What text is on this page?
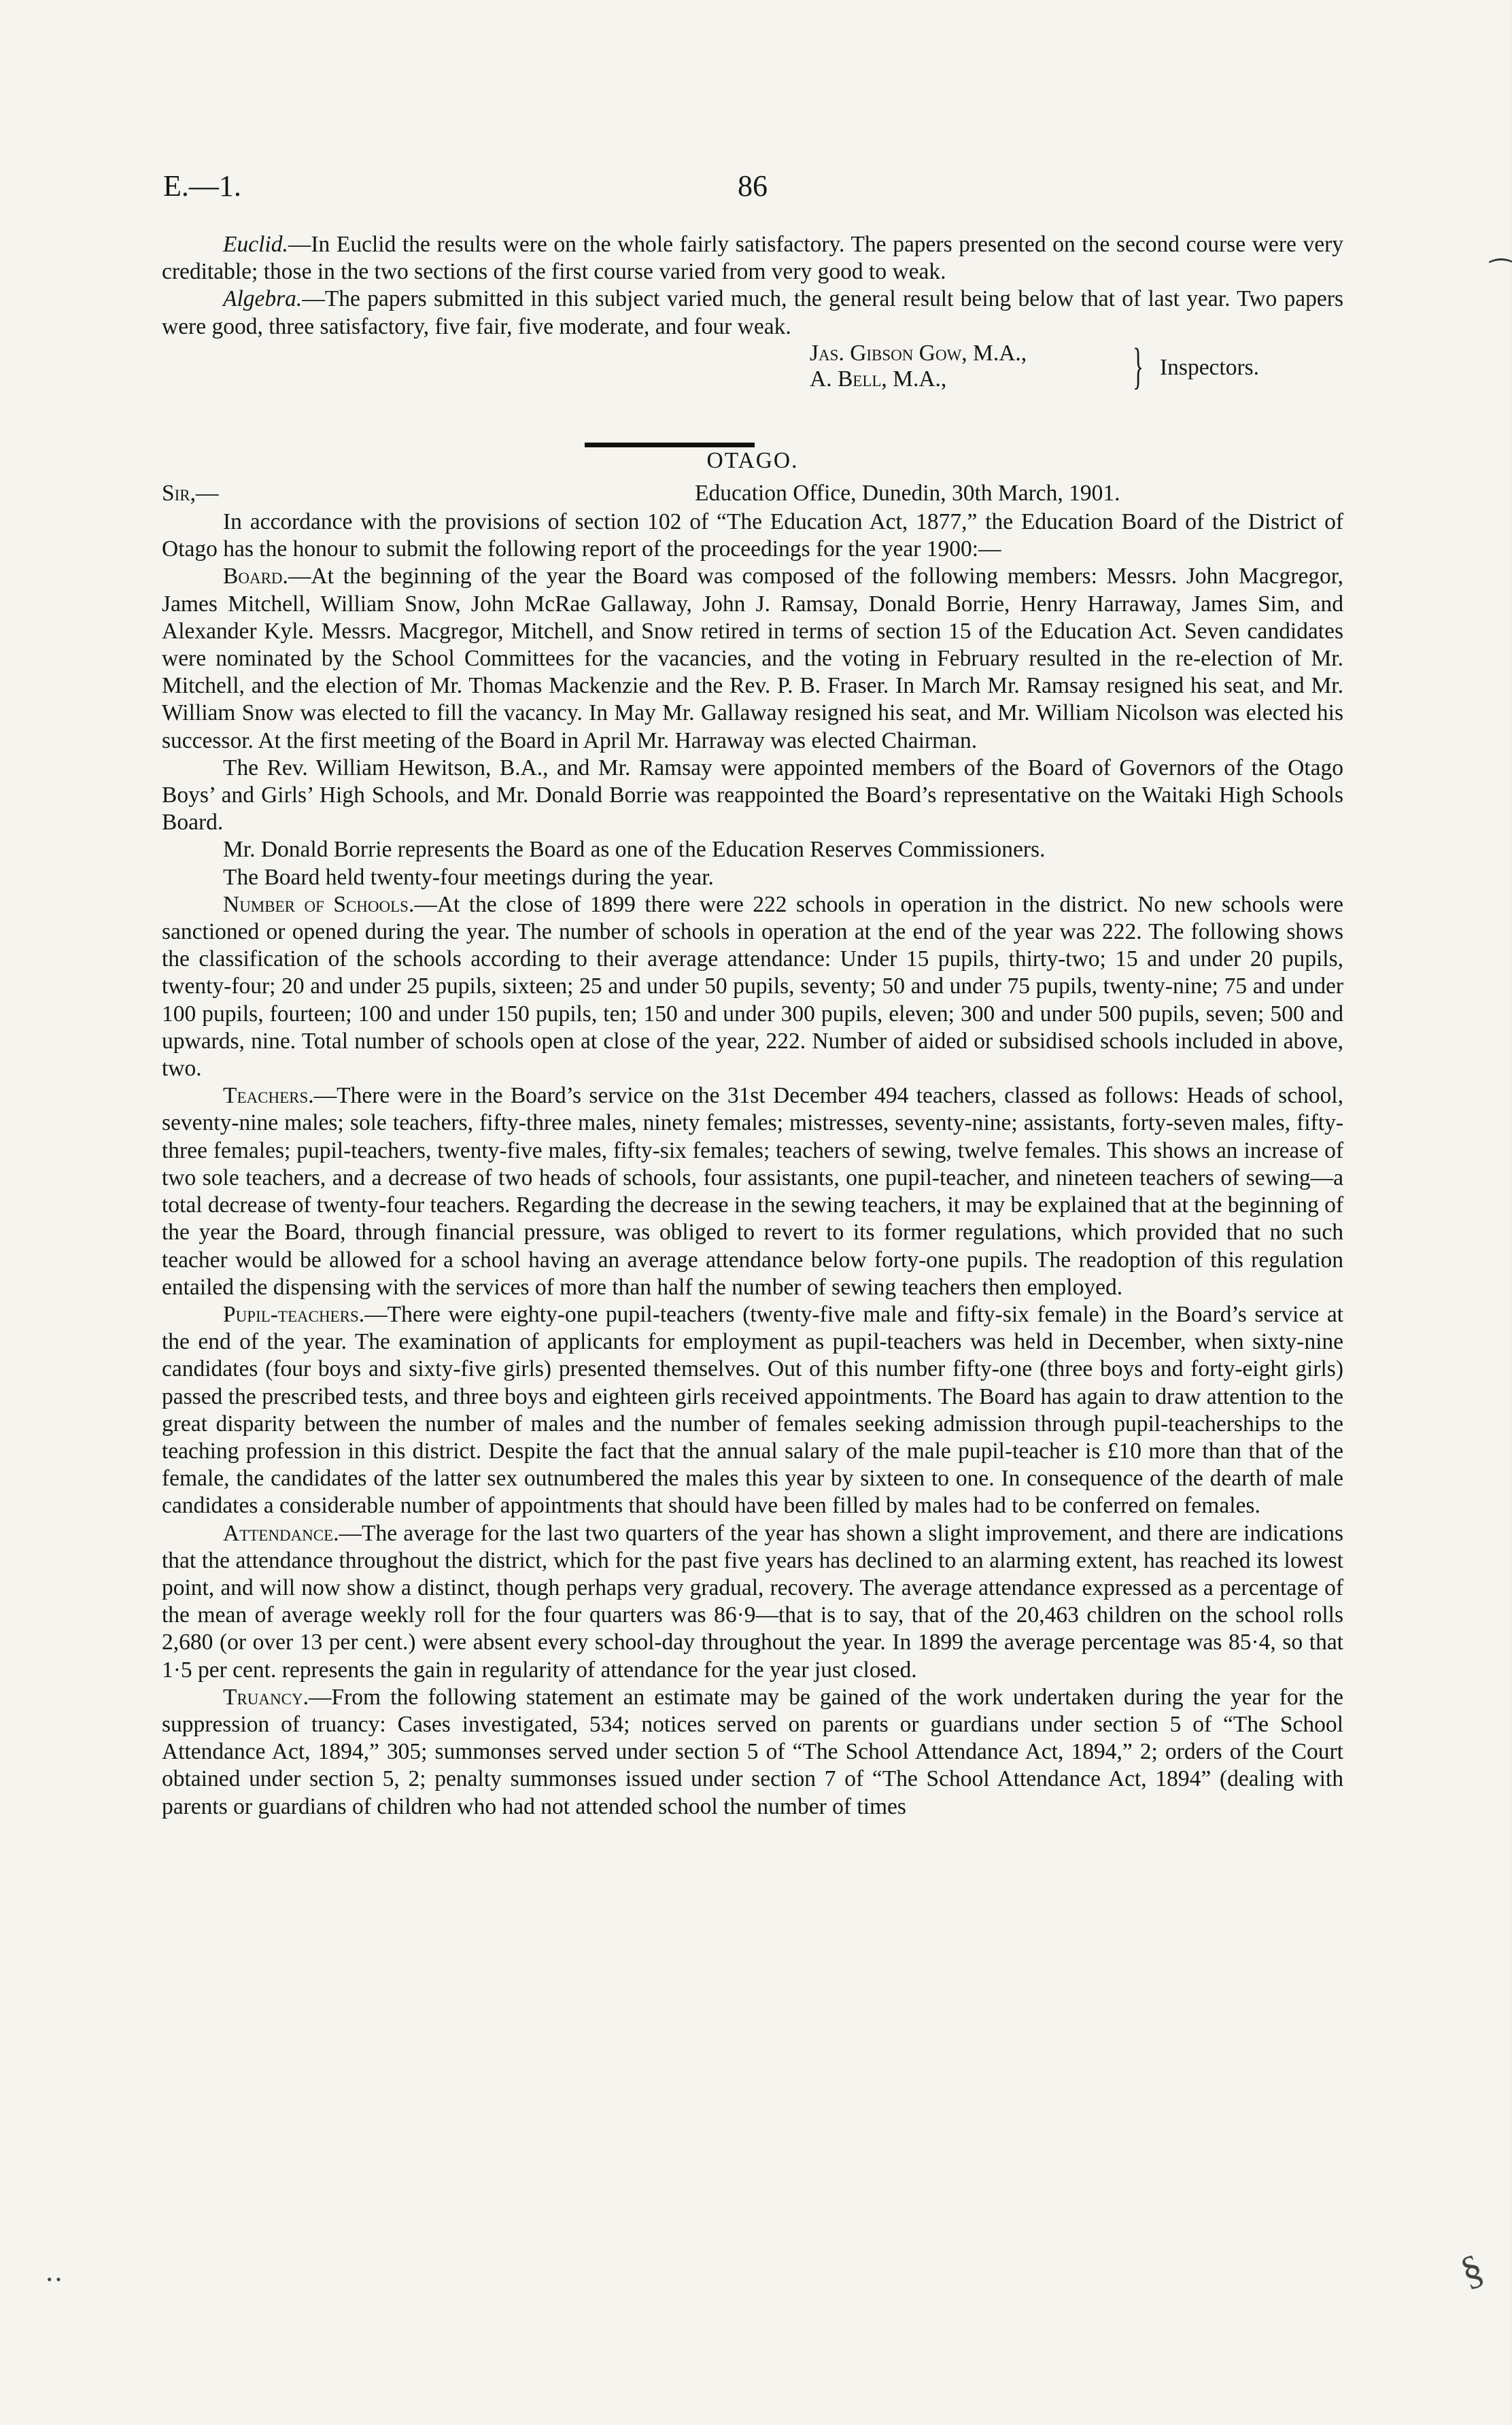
E.—1.	86
⁀
§
‥

Euclid.—In Euclid the results were on the whole fairly satisfactory. The papers presented on the second course were very creditable; those in the two sections of the first course varied from very good to weak.

Algebra.—The papers submitted in this subject varied much, the general result being below that of last year. Two papers were good, three satisfactory, five fair, five moderate, and four weak.

Jas. Gibson Gow, M.A.,
A. Bell, M.A.,	} Inspectors.

OTAGO.

Sir,—	Education Office, Dunedin, 30th March, 1901.

In accordance with the provisions of section 102 of “The Education Act, 1877,” the Education Board of the District of Otago has the honour to submit the following report of the proceedings for the year 1900:—

Board.—At the beginning of the year the Board was composed of the following members: Messrs. John Macgregor, James Mitchell, William Snow, John McRae Gallaway, John J. Ramsay, Donald Borrie, Henry Harraway, James Sim, and Alexander Kyle. Messrs. Macgregor, Mitchell, and Snow retired in terms of section 15 of the Education Act. Seven candidates were nominated by the School Committees for the vacancies, and the voting in February resulted in the re-election of Mr. Mitchell, and the election of Mr. Thomas Mackenzie and the Rev. P. B. Fraser. In March Mr. Ramsay resigned his seat, and Mr. William Snow was elected to fill the vacancy. In May Mr. Gallaway resigned his seat, and Mr. William Nicolson was elected his successor. At the first meeting of the Board in April Mr. Harraway was elected Chairman.

The Rev. William Hewitson, B.A., and Mr. Ramsay were appointed members of the Board of Governors of the Otago Boys’ and Girls’ High Schools, and Mr. Donald Borrie was reappointed the Board’s representative on the Waitaki High Schools Board.

Mr. Donald Borrie represents the Board as one of the Education Reserves Commissioners.

The Board held twenty-four meetings during the year.

Number of Schools.—At the close of 1899 there were 222 schools in operation in the district. No new schools were sanctioned or opened during the year. The number of schools in operation at the end of the year was 222. The following shows the classification of the schools according to their average attendance: Under 15 pupils, thirty-two; 15 and under 20 pupils, twenty-four; 20 and under 25 pupils, sixteen; 25 and under 50 pupils, seventy; 50 and under 75 pupils, twenty-nine; 75 and under 100 pupils, fourteen; 100 and under 150 pupils, ten; 150 and under 300 pupils, eleven; 300 and under 500 pupils, seven; 500 and upwards, nine. Total number of schools open at close of the year, 222. Number of aided or subsidised schools included in above, two.

Teachers.—There were in the Board’s service on the 31st December 494 teachers, classed as follows: Heads of school, seventy-nine males; sole teachers, fifty-three males, ninety females; mistresses, seventy-nine; assistants, forty-seven males, fifty-three females; pupil-teachers, twenty-five males, fifty-six females; teachers of sewing, twelve females. This shows an increase of two sole teachers, and a decrease of two heads of schools, four assistants, one pupil-teacher, and nineteen teachers of sewing—a total decrease of twenty-four teachers. Regarding the decrease in the sewing teachers, it may be explained that at the beginning of the year the Board, through financial pressure, was obliged to revert to its former regulations, which provided that no such teacher would be allowed for a school having an average attendance below forty-one pupils. The readoption of this regulation entailed the dispensing with the services of more than half the number of sewing teachers then employed.

Pupil-teachers.—There were eighty-one pupil-teachers (twenty-five male and fifty-six female) in the Board’s service at the end of the year. The examination of applicants for employment as pupil-teachers was held in December, when sixty-nine candidates (four boys and sixty-five girls) presented themselves. Out of this number fifty-one (three boys and forty-eight girls) passed the prescribed tests, and three boys and eighteen girls received appointments. The Board has again to draw attention to the great disparity between the number of males and the number of females seeking admission through pupil-teacherships to the teaching profession in this district. Despite the fact that the annual salary of the male pupil-teacher is £10 more than that of the female, the candidates of the latter sex outnumbered the males this year by sixteen to one. In consequence of the dearth of male candidates a considerable number of appointments that should have been filled by males had to be conferred on females.

Attendance.—The average for the last two quarters of the year has shown a slight improvement, and there are indications that the attendance throughout the district, which for the past five years has declined to an alarming extent, has reached its lowest point, and will now show a distinct, though perhaps very gradual, recovery. The average attendance expressed as a percentage of the mean of average weekly roll for the four quarters was 86·9—that is to say, that of the 20,463 children on the school rolls 2,680 (or over 13 per cent.) were absent every school-day throughout the year. In 1899 the average percentage was 85·4, so that 1·5 per cent. represents the gain in regularity of attendance for the year just closed.

Truancy.—From the following statement an estimate may be gained of the work undertaken during the year for the suppression of truancy: Cases investigated, 534; notices served on parents or guardians under section 5 of “The School Attendance Act, 1894,” 305; summonses served under section 5 of “The School Attendance Act, 1894,” 2; orders of the Court obtained under section 5, 2; penalty summonses issued under section 7 of “The School Attendance Act, 1894” (dealing with parents or guardians of children who had not attended school the number of times
